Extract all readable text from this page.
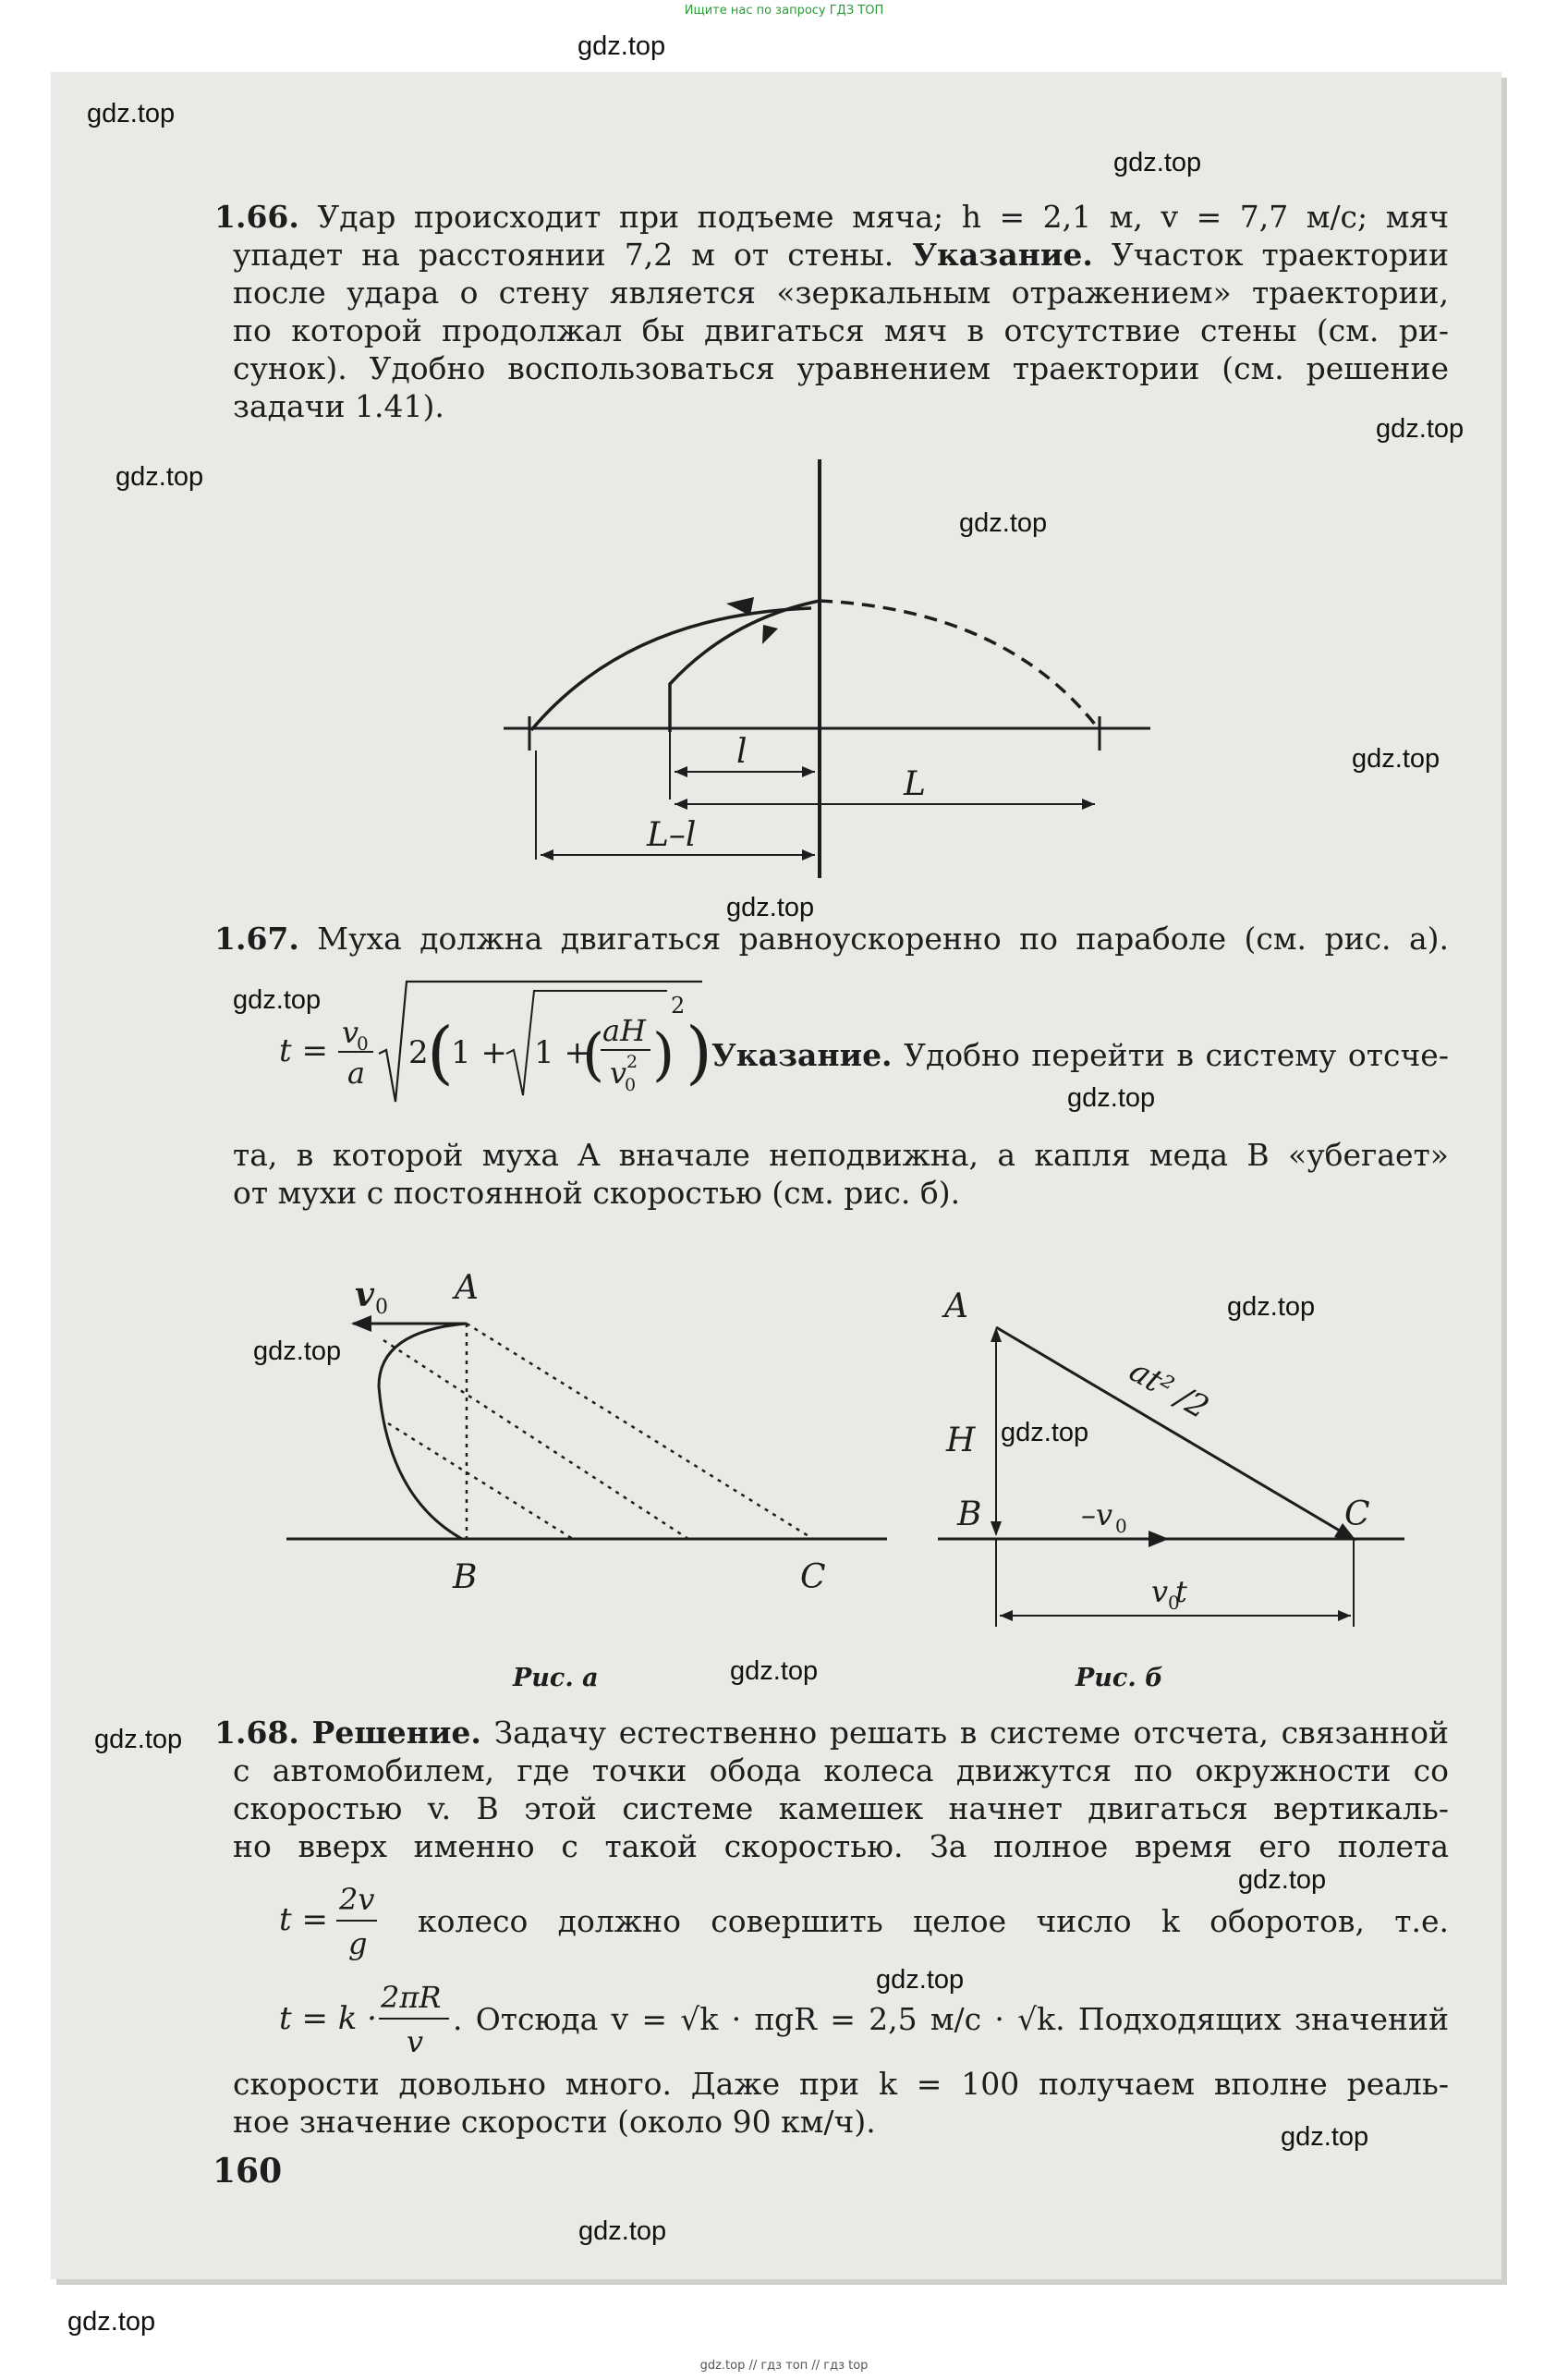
Ищите нас по запросу ГДЗ ТОП
gdz.top
gdz.top
gdz.top
gdz.top
gdz.top
gdz.top
gdz.top
gdz.top
gdz.top
gdz.top
gdz.top
gdz.top
gdz.top
gdz.top
gdz.top
gdz.top
gdz.top
gdz.top
gdz.top
gdz.top
1.66. Удар происходит при подъеме мяча; h = 2,1 м, v = 7,7 м/с; мяч
упадет на расстоянии 7,2 м от стены. Указание. Участок траектории
после удара о стену является «зеркальным отражением» траектории,
по которой продолжал бы двигаться мяч в отсутствие стены (см. ри-
сунок). Удобно воспользоваться уравнением траектории (см. решение
задачи 1.41).
l
L
L–l
1.67. Муха должна двигаться равноускоренно по параболе (см. рис. а).
t = v
0
a
2
(
1 + 1 +
(
aH
v
0
2 )
2
) Указание. Удобно перейти в систему отсче-
та, в которой муха A вначале неподвижна, а капля меда B «убегает»
от мухи с постоянной скоростью (см. рис. б).
v 0
A
B	C
Рис. а
A
H
B	C
at² /2
–v 0
v 0
t
Рис. б
1.68. Решение. Задачу естественно решать в системе отсчета, связанной
с автомобилем, где точки обода колеса движутся по окружности со
скоростью v. В этой системе камешек начнет двигаться вертикаль-
но вверх именно с такой скоростью. За полное время его полета
t =
2v
g
t = k ·
2πR
v
колесо должно совершить целое число k оборотов, т.е.
. Отсюда v = √k · πgR = 2,5 м/с · √k. Подходящих значений
скорости довольно много. Даже при k = 100 получаем вполне реаль-
ное значение скорости (около 90 км/ч).
160
gdz.top // гдз топ // гдз top
